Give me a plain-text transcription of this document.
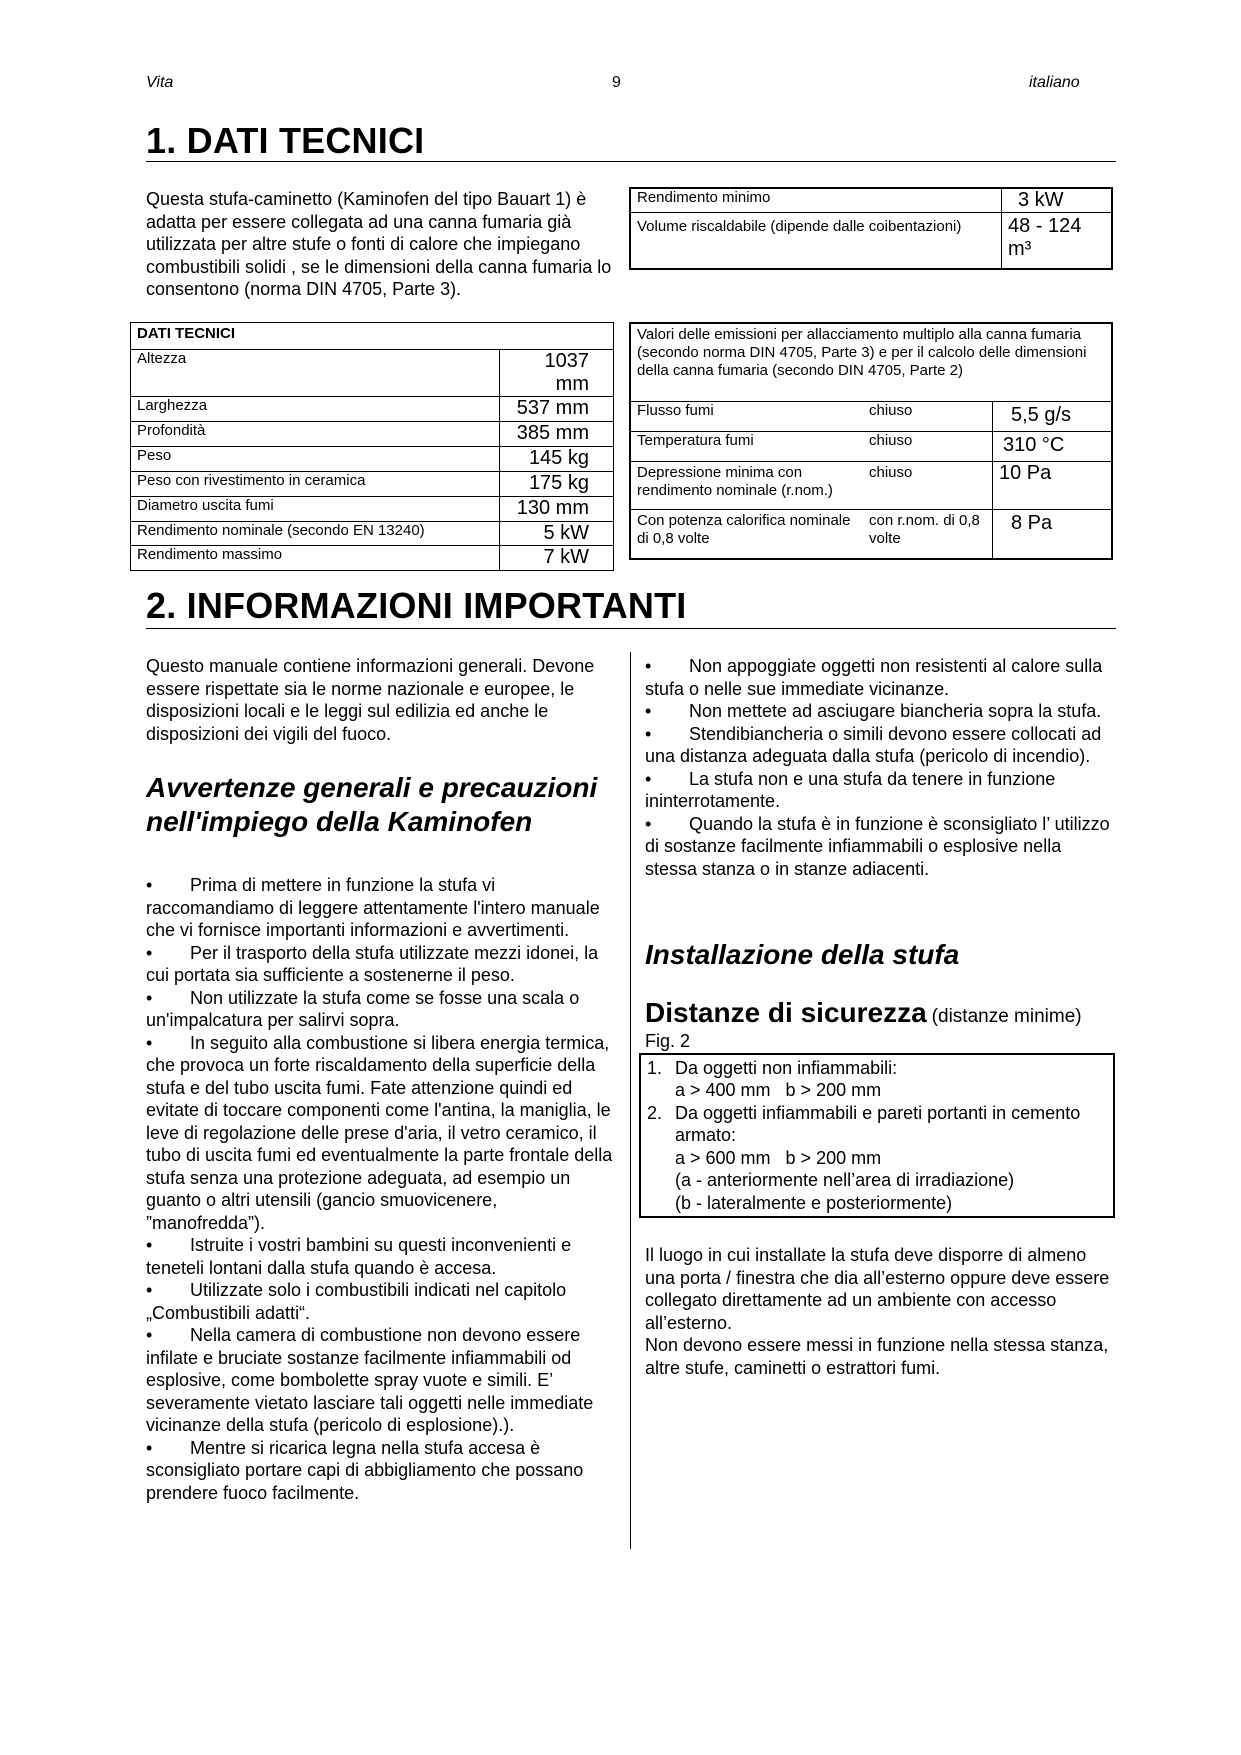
Vita	9	italiano
1. DATI TECNICI

Questa stufa-caminetto (Kaminofen del tipo Bauart 1) è adatta per essere collegata ad una canna fumaria già utilizzata per altre stufe o fonti di calore che impiegano combustibili solidi , se le dimensioni della canna fumaria lo consentono (norma DIN 4705, Parte 3).

DATI TECNICI	
Altezza	1037 mm
Larghezza	537 mm
Profondità	385 mm
Peso	145 kg
Peso con rivestimento in ceramica	175 kg
Diametro uscita fumi	130 mm
Rendimento nominale (secondo EN 13240)	5 kW
Rendimento massimo	7 kW
Rendimento minimo	3 kW
Volume riscaldabile (dipende dalle coibentazioni)	48 - 124 m³
Valori delle emissioni per allacciamento multiplo alla canna fumaria (secondo norma DIN 4705, Parte 3) e per il calcolo delle dimensioni della canna fumaria (secondo DIN 4705, Parte 2)		
Flusso fumi	chiuso	5,5 g/s
Temperatura fumi	chiuso	310 °C
Depressione minima con rendimento nominale (r.nom.)	chiuso	10 Pa
Con potenza calorifica nominale di 0,8 volte	con r.nom. di 0,8 volte	8 Pa
2. INFORMAZIONI IMPORTANTI

Questo manuale contiene informazioni generali. Devone essere rispettate sia le norme nazionale e europee, le disposizioni locali e le leggi sul edilizia ed anche le disposizioni dei vigili del fuoco.

Avvertenze generali e precauzioni nell'impiego della Kaminofen

• Prima di mettere in funzione la stufa vi raccomandiamo di leggere attentamente l'intero manuale che vi fornisce importanti informazioni e avvertimenti.

• Per il trasporto della stufa utilizzate mezzi idonei, la cui portata sia sufficiente a sostenerne il peso.

• Non utilizzate la stufa come se fosse una scala o un'impalcatura per salirvi sopra.

• In seguito alla combustione si libera energia termica, che provoca un forte riscaldamento della superficie della stufa e del tubo uscita fumi. Fate attenzione quindi ed evitate di toccare componenti come l'antina, la maniglia, le leve di regolazione delle prese d'aria, il vetro ceramico, il tubo di uscita fumi ed eventualmente la parte frontale della stufa senza una protezione adeguata, ad esempio un guanto o altri utensili (gancio smuovicenere, ”manofredda”).

• Istruite i vostri bambini su questi inconvenienti e teneteli lontani dalla stufa quando è accesa.

• Utilizzate solo i combustibili indicati nel capitolo „Combustibili adatti“.

• Nella camera di combustione non devono essere infilate e bruciate sostanze facilmente infiammabili od esplosive, come bombolette spray vuote e simili. E’ severamente vietato lasciare tali oggetti nelle immediate vicinanze della stufa (pericolo di esplosione).).

• Mentre si ricarica legna nella stufa accesa è sconsigliato portare capi di abbigliamento che possano prendere fuoco facilmente.

• Non appoggiate oggetti non resistenti al calore sulla stufa o nelle sue immediate vicinanze.

• Non mettete ad asciugare biancheria sopra la stufa.

• Stendibiancheria o simili devono essere collocati ad una distanza adeguata dalla stufa (pericolo di incendio).

• La stufa non e una stufa da tenere in funzione ininterrotamente.

• Quando la stufa è in funzione è sconsigliato l’ utilizzo di sostanze facilmente infiammabili o esplosive nella stessa stanza o in stanze adiacenti.

Installazione della stufa
Distanze di sicurezza (distanze minime)
Fig. 2
1. Da oggetti non infiammabili:
a > 400 mm   b > 200 mm
2. Da oggetti infiammabili e pareti portanti in cemento armato:
a > 600 mm   b > 200 mm
(a - anteriormente nell’area di irradiazione)
(b - lateralmente e posteriormente)

Il luogo in cui installate la stufa deve disporre di almeno una porta / finestra che dia all’esterno oppure deve essere collegato direttamente ad un ambiente con accesso all’esterno.

Non devono essere messi in funzione nella stessa stanza, altre stufe, caminetti o estrattori fumi.
